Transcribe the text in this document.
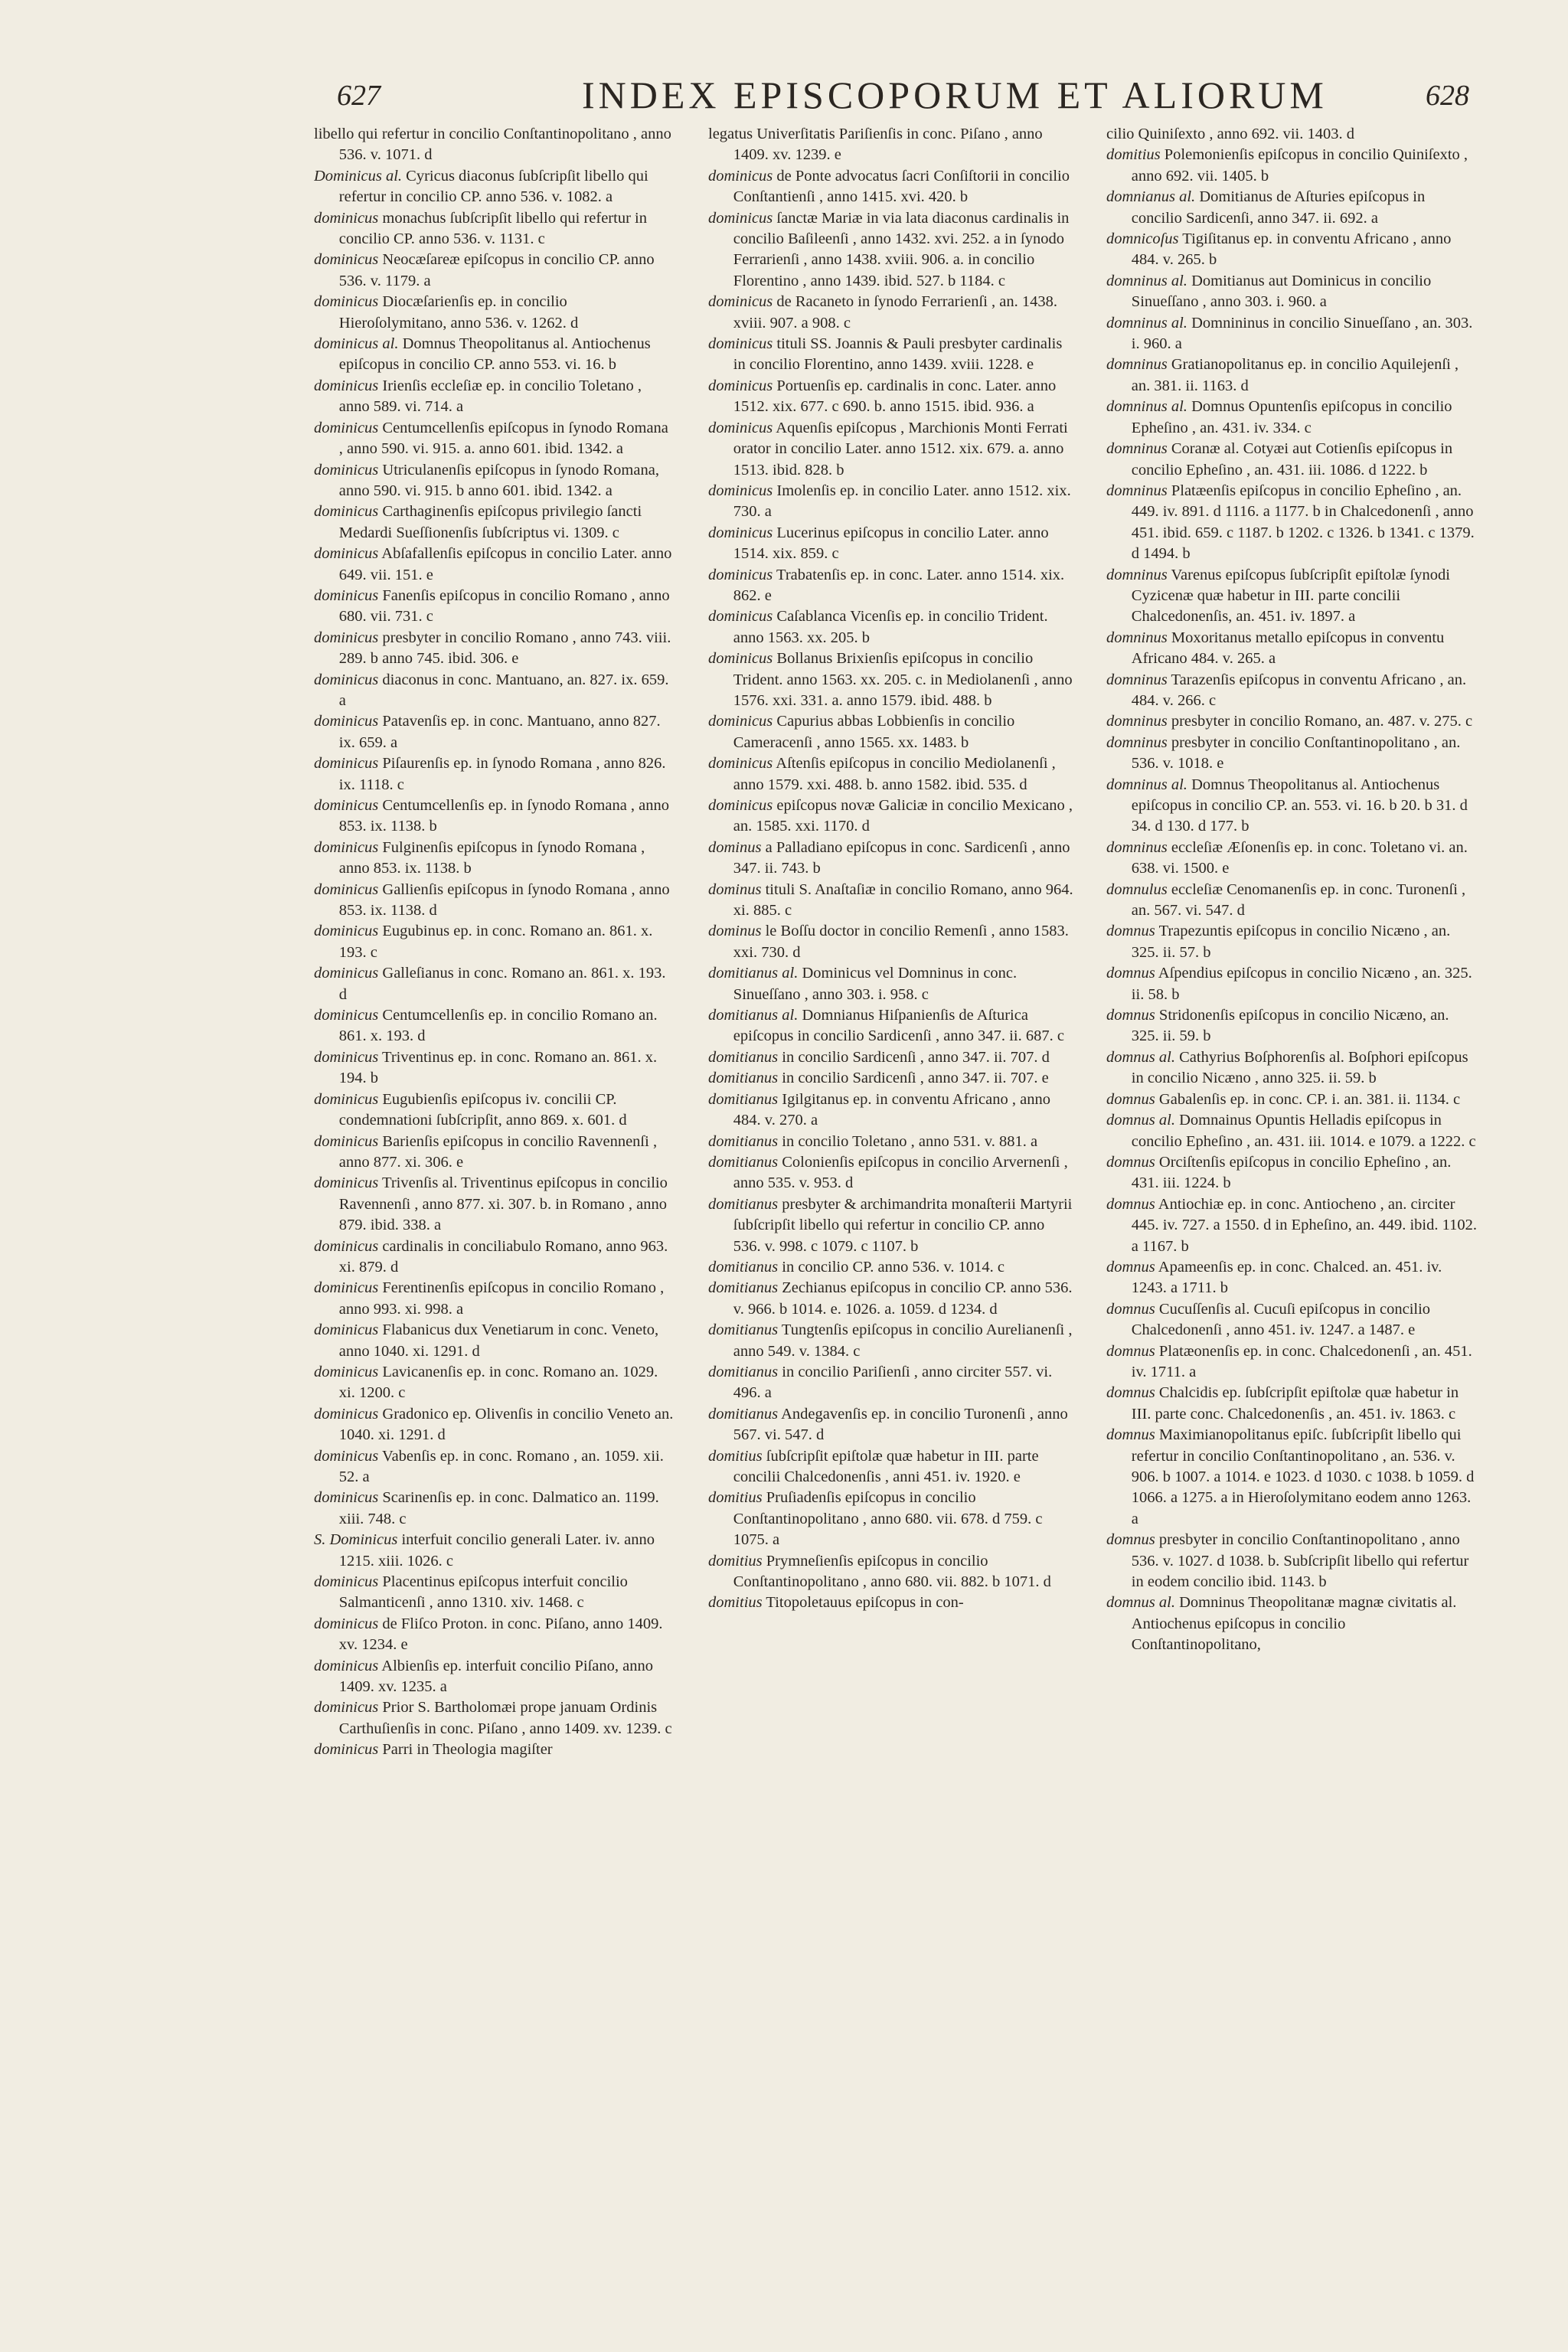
627	INDEX EPISCOPORUM ET ALIORUM	628

libello qui refertur in concilio Conſtantinopolitano , anno 536. v. 1071. d

Dominicus al. Cyricus diaconus ſubſcripſit libello qui refertur in concilio CP. anno 536. v. 1082. a

dominicus monachus ſubſcripſit libello qui refertur in concilio CP. anno 536. v. 1131. c

dominicus Neocæſareæ epiſcopus in concilio CP. anno 536. v. 1179. a

dominicus Diocæſarienſis ep. in concilio Hieroſolymitano, anno 536. v. 1262. d

dominicus al. Domnus Theopolitanus al. Antiochenus epiſcopus in concilio CP. anno 553. vi. 16. b

dominicus Irienſis eccleſiæ ep. in concilio Toletano , anno 589. vi. 714. a

dominicus Centumcellenſis epiſcopus in ſynodo Romana , anno 590. vi. 915. a. anno 601. ibid. 1342. a

dominicus Utriculanenſis epiſcopus in ſynodo Romana, anno 590. vi. 915. b anno 601. ibid. 1342. a

dominicus Carthaginenſis epiſcopus privilegio ſancti Medardi Sueſſionenſis ſubſcriptus vi. 1309. c

dominicus Abſafallenſis epiſcopus in concilio Later. anno 649. vii. 151. e

dominicus Fanenſis epiſcopus in concilio Romano , anno 680. vii. 731. c

dominicus presbyter in concilio Romano , anno 743. viii. 289. b anno 745. ibid. 306. e

dominicus diaconus in conc. Mantuano, an. 827. ix. 659. a

dominicus Patavenſis ep. in conc. Mantuano, anno 827. ix. 659. a

dominicus Piſaurenſis ep. in ſynodo Romana , anno 826. ix. 1118. c

dominicus Centumcellenſis ep. in ſynodo Romana , anno 853. ix. 1138. b

dominicus Fulginenſis epiſcopus in ſynodo Romana , anno 853. ix. 1138. b

dominicus Gallienſis epiſcopus in ſynodo Romana , anno 853. ix. 1138. d

dominicus Eugubinus ep. in conc. Romano an. 861. x. 193. c

dominicus Galleſianus in conc. Romano an. 861. x. 193. d

dominicus Centumcellenſis ep. in concilio Romano an. 861. x. 193. d

dominicus Triventinus ep. in conc. Romano an. 861. x. 194. b

dominicus Eugubienſis epiſcopus iv. concilii CP. condemnationi ſubſcripſit, anno 869. x. 601. d

dominicus Barienſis epiſcopus in concilio Ravennenſi , anno 877. xi. 306. e

dominicus Trivenſis al. Triventinus epiſcopus in concilio Ravennenſi , anno 877. xi. 307. b. in Romano , anno 879. ibid. 338. a

dominicus cardinalis in conciliabulo Romano, anno 963. xi. 879. d

dominicus Ferentinenſis epiſcopus in concilio Romano , anno 993. xi. 998. a

dominicus Flabanicus dux Venetiarum in conc. Veneto, anno 1040. xi. 1291. d

dominicus Lavicanenſis ep. in conc. Romano an. 1029. xi. 1200. c

dominicus Gradonico ep. Olivenſis in concilio Veneto an. 1040. xi. 1291. d

dominicus Vabenſis ep. in conc. Romano , an. 1059. xii. 52. a

dominicus Scarinenſis ep. in conc. Dalmatico an. 1199. xiii. 748. c

S. Dominicus interfuit concilio generali Later. iv. anno 1215. xiii. 1026. c

dominicus Placentinus epiſcopus interfuit concilio Salmanticenſi , anno 1310. xiv. 1468. c

dominicus de Fliſco Proton. in conc. Piſano, anno 1409. xv. 1234. e

dominicus Albienſis ep. interfuit concilio Piſano, anno 1409. xv. 1235. a

dominicus Prior S. Bartholomæi prope januam Ordinis Carthuſienſis in conc. Piſano , anno 1409. xv. 1239. c

dominicus Parri in Theologia magiſter

legatus Univerſitatis Pariſienſis in conc. Piſano , anno 1409. xv. 1239. e

dominicus de Ponte advocatus ſacri Conſiſtorii in concilio Conſtantienſi , anno 1415. xvi. 420. b

dominicus ſanctæ Mariæ in via lata diaconus cardinalis in concilio Baſileenſi , anno 1432. xvi. 252. a in ſynodo Ferrarienſi , anno 1438. xviii. 906. a. in concilio Florentino , anno 1439. ibid. 527. b 1184. c

dominicus de Racaneto in ſynodo Ferrarienſi , an. 1438. xviii. 907. a 908. c

dominicus tituli SS. Joannis & Pauli presbyter cardinalis in concilio Florentino, anno 1439. xviii. 1228. e

dominicus Portuenſis ep. cardinalis in conc. Later. anno 1512. xix. 677. c 690. b. anno 1515. ibid. 936. a

dominicus Aquenſis epiſcopus , Marchionis Monti Ferrati orator in concilio Later. anno 1512. xix. 679. a. anno 1513. ibid. 828. b

dominicus Imolenſis ep. in concilio Later. anno 1512. xix. 730. a

dominicus Lucerinus epiſcopus in concilio Later. anno 1514. xix. 859. c

dominicus Trabatenſis ep. in conc. Later. anno 1514. xix. 862. e

dominicus Caſablanca Vicenſis ep. in concilio Trident. anno 1563. xx. 205. b

dominicus Bollanus Brixienſis epiſcopus in concilio Trident. anno 1563. xx. 205. c. in Mediolanenſi , anno 1576. xxi. 331. a. anno 1579. ibid. 488. b

dominicus Capurius abbas Lobbienſis in concilio Cameracenſi , anno 1565. xx. 1483. b

dominicus Aſtenſis epiſcopus in concilio Mediolanenſi , anno 1579. xxi. 488. b. anno 1582. ibid. 535. d

dominicus epiſcopus novæ Galiciæ in concilio Mexicano , an. 1585. xxi. 1170. d

dominus a Palladiano epiſcopus in conc. Sardicenſi , anno 347. ii. 743. b

dominus tituli S. Anaſtaſiæ in concilio Romano, anno 964. xi. 885. c

dominus le Boſſu doctor in concilio Remenſi , anno 1583. xxi. 730. d

domitianus al. Dominicus vel Domninus in conc. Sinueſſano , anno 303. i. 958. c

domitianus al. Domnianus Hiſpanienſis de Aſturica epiſcopus in concilio Sardicenſi , anno 347. ii. 687. c

domitianus in concilio Sardicenſi , anno 347. ii. 707. d

domitianus in concilio Sardicenſi , anno 347. ii. 707. e

domitianus Igilgitanus ep. in conventu Africano , anno 484. v. 270. a

domitianus in concilio Toletano , anno 531. v. 881. a

domitianus Colonienſis epiſcopus in concilio Arvernenſi , anno 535. v. 953. d

domitianus presbyter & archimandrita monaſterii Martyrii ſubſcripſit libello qui refertur in concilio CP. anno 536. v. 998. c 1079. c 1107. b

domitianus in concilio CP. anno 536. v. 1014. c

domitianus Zechianus epiſcopus in concilio CP. anno 536. v. 966. b 1014. e. 1026. a. 1059. d 1234. d

domitianus Tungtenſis epiſcopus in concilio Aurelianenſi , anno 549. v. 1384. c

domitianus in concilio Pariſienſi , anno circiter 557. vi. 496. a

domitianus Andegavenſis ep. in concilio Turonenſi , anno 567. vi. 547. d

domitius ſubſcripſit epiſtolæ quæ habetur in III. parte concilii Chalcedonenſis , anni 451. iv. 1920. e

domitius Pruſiadenſis epiſcopus in concilio Conſtantinopolitano , anno 680. vii. 678. d 759. c 1075. a

domitius Prymneſienſis epiſcopus in concilio Conſtantinopolitano , anno 680. vii. 882. b 1071. d

domitius Titopoletauus epiſcopus in con-

cilio Quiniſexto , anno 692. vii. 1403. d

domitius Polemonienſis epiſcopus in concilio Quiniſexto , anno 692. vii. 1405. b

domnianus al. Domitianus de Aſturies epiſcopus in concilio Sardicenſi, anno 347. ii. 692. a

domnicoſus Tigiſitanus ep. in conventu Africano , anno 484. v. 265. b

domninus al. Domitianus aut Dominicus in concilio Sinueſſano , anno 303. i. 960. a

domninus al. Domnininus in concilio Sinueſſano , an. 303. i. 960. a

domninus Gratianopolitanus ep. in concilio Aquilejenſi , an. 381. ii. 1163. d

domninus al. Domnus Opuntenſis epiſcopus in concilio Epheſino , an. 431. iv. 334. c

domninus Coranæ al. Cotyæi aut Cotienſis epiſcopus in concilio Epheſino , an. 431. iii. 1086. d 1222. b

domninus Platæenſis epiſcopus in concilio Epheſino , an. 449. iv. 891. d 1116. a 1177. b in Chalcedonenſi , anno 451. ibid. 659. c 1187. b 1202. c 1326. b 1341. c 1379. d 1494. b

domninus Varenus epiſcopus ſubſcripſit epiſtolæ ſynodi Cyzicenæ quæ habetur in III. parte concilii Chalcedonenſis, an. 451. iv. 1897. a

domninus Moxoritanus metallo epiſcopus in conventu Africano 484. v. 265. a

domninus Tarazenſis epiſcopus in conventu Africano , an. 484. v. 266. c

domninus presbyter in concilio Romano, an. 487. v. 275. c

domninus presbyter in concilio Conſtantinopolitano , an. 536. v. 1018. e

domninus al. Domnus Theopolitanus al. Antiochenus epiſcopus in concilio CP. an. 553. vi. 16. b 20. b 31. d 34. d 130. d 177. b

domninus eccleſiæ Æſonenſis ep. in conc. Toletano vi. an. 638. vi. 1500. e

domnulus eccleſiæ Cenomanenſis ep. in conc. Turonenſi , an. 567. vi. 547. d

domnus Trapezuntis epiſcopus in concilio Nicæno , an. 325. ii. 57. b

domnus Aſpendius epiſcopus in concilio Nicæno , an. 325. ii. 58. b

domnus Stridonenſis epiſcopus in concilio Nicæno, an. 325. ii. 59. b

domnus al. Cathyrius Boſphorenſis al. Boſphori epiſcopus in concilio Nicæno , anno 325. ii. 59. b

domnus Gabalenſis ep. in conc. CP. i. an. 381. ii. 1134. c

domnus al. Domnainus Opuntis Helladis epiſcopus in concilio Epheſino , an. 431. iii. 1014. e 1079. a 1222. c

domnus Orciſtenſis epiſcopus in concilio Epheſino , an. 431. iii. 1224. b

domnus Antiochiæ ep. in conc. Antiocheno , an. circiter 445. iv. 727. a 1550. d in Epheſino, an. 449. ibid. 1102. a 1167. b

domnus Apameenſis ep. in conc. Chalced. an. 451. iv. 1243. a 1711. b

domnus Cucuſſenſis al. Cucuſi epiſcopus in concilio Chalcedonenſi , anno 451. iv. 1247. a 1487. e

domnus Platæonenſis ep. in conc. Chalcedonenſi , an. 451. iv. 1711. a

domnus Chalcidis ep. ſubſcripſit epiſtolæ quæ habetur in III. parte conc. Chalcedonenſis , an. 451. iv. 1863. c

domnus Maximianopolitanus epiſc. ſubſcripſit libello qui refertur in concilio Conſtantinopolitano , an. 536. v. 906. b 1007. a 1014. e 1023. d 1030. c 1038. b 1059. d 1066. a 1275. a in Hieroſolymitano eodem anno 1263. a

domnus presbyter in concilio Conſtantinopolitano , anno 536. v. 1027. d 1038. b. Subſcripſit libello qui refertur in eodem concilio ibid. 1143. b

domnus al. Domninus Theopolitanæ magnæ civitatis al. Antiochenus epiſcopus in concilio Conſtantinopolitano,
